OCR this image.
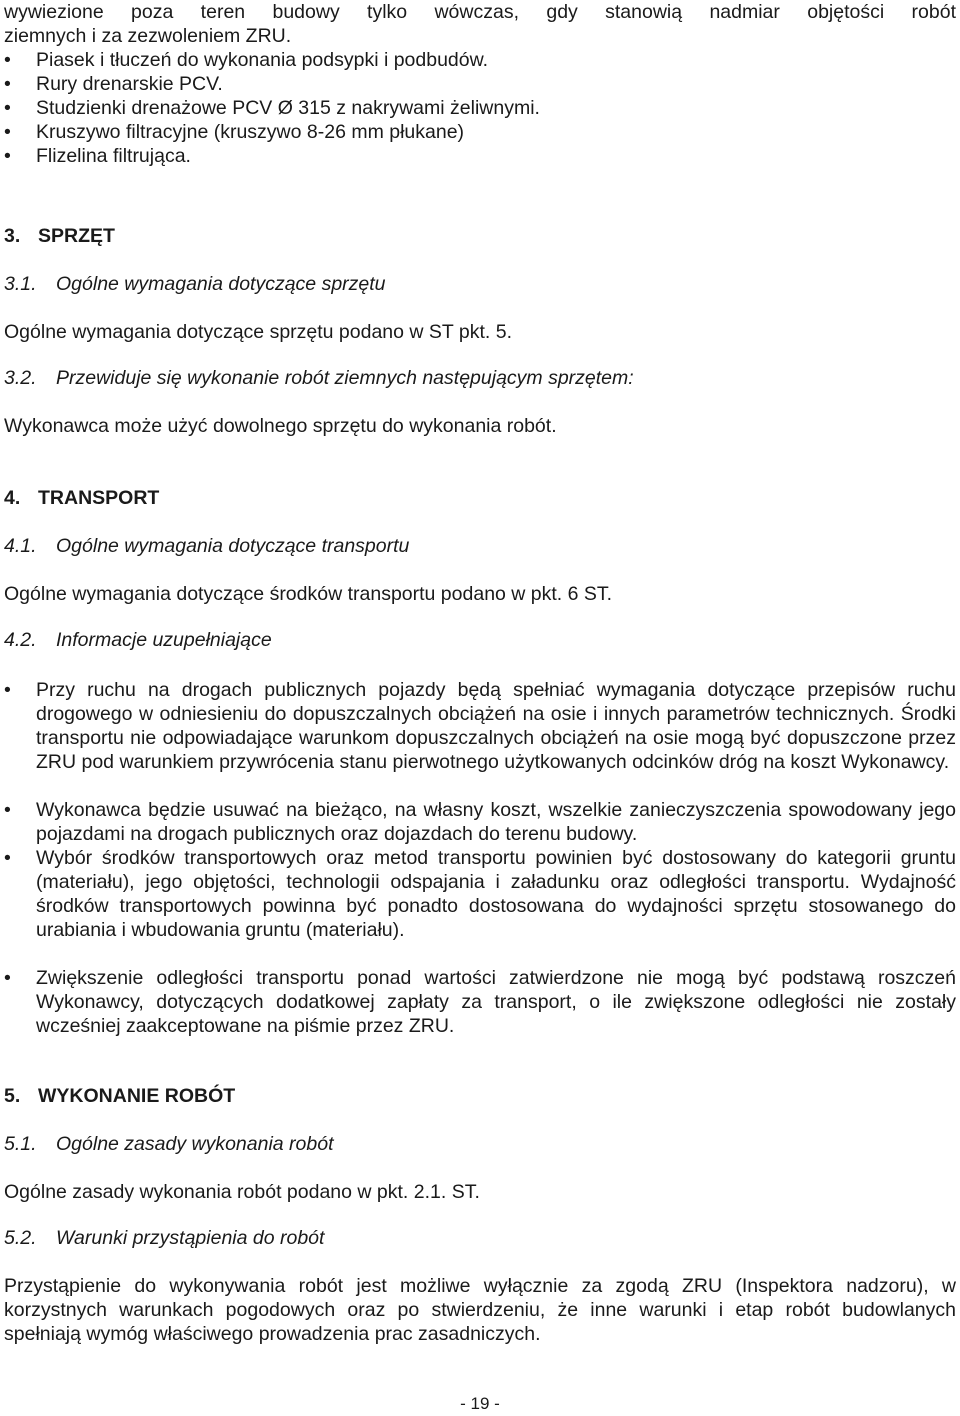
wywiezione poza teren budowy tylko wówczas, gdy stanowią nadmiar objętości robót
ziemnych i za zezwoleniem ZRU.
•	Piasek i tłuczeń do wykonania podsypki i podbudów.
•	Rury drenarskie PCV.
•	Studzienki drenażowe PCV Ø 315 z nakrywami żeliwnymi.
•	Kruszywo filtracyjne (kruszywo 8-26 mm płukane)
•	Flizelina filtrująca.
3. SPRZĘT
3.1. Ogólne wymagania dotyczące sprzętu
Ogólne wymagania dotyczące sprzętu podano w ST pkt. 5.
3.2. Przewiduje się wykonanie robót ziemnych następującym sprzętem:
Wykonawca może użyć dowolnego sprzętu do wykonania robót.
4. TRANSPORT
4.1. Ogólne wymagania dotyczące transportu
Ogólne wymagania dotyczące środków transportu podano w pkt. 6 ST.
4.2. Informacje uzupełniające
•	Przy ruchu na drogach publicznych pojazdy będą spełniać wymagania dotyczące przepisów ruchu drogowego w odniesieniu do dopuszczalnych obciążeń na osie i innych parametrów technicznych. Środki transportu nie odpowiadające warunkom dopuszczalnych obciążeń na osie mogą być dopuszczone przez ZRU pod warunkiem przywrócenia stanu pierwotnego użytkowanych odcinków dróg na koszt Wykonawcy.
•	Wykonawca będzie usuwać na bieżąco, na własny koszt, wszelkie zanieczyszczenia spowodowany jego pojazdami na drogach publicznych oraz dojazdach do terenu budowy.
•	Wybór środków transportowych oraz metod transportu powinien być dostosowany do kategorii gruntu (materiału), jego objętości, technologii odspajania i załadunku oraz odległości transportu. Wydajność środków transportowych powinna być ponadto dostosowana do wydajności sprzętu stosowanego do urabiania i wbudowania gruntu (materiału).
•	Zwiększenie odległości transportu ponad wartości zatwierdzone nie mogą być podstawą roszczeń Wykonawcy, dotyczących dodatkowej zapłaty za transport, o ile zwiększone odległości nie zostały wcześniej zaakceptowane na piśmie przez ZRU.
5. WYKONANIE ROBÓT
5.1. Ogólne zasady wykonania robót
Ogólne zasady wykonania robót podano w pkt. 2.1. ST.
5.2. Warunki przystąpienia do robót
Przystąpienie do wykonywania robót jest możliwe wyłącznie za zgodą ZRU (Inspektora nadzoru), w korzystnych warunkach pogodowych oraz po stwierdzeniu, że inne warunki i etap robót budowlanych spełniają wymóg właściwego prowadzenia prac zasadniczych.
- 19 -
